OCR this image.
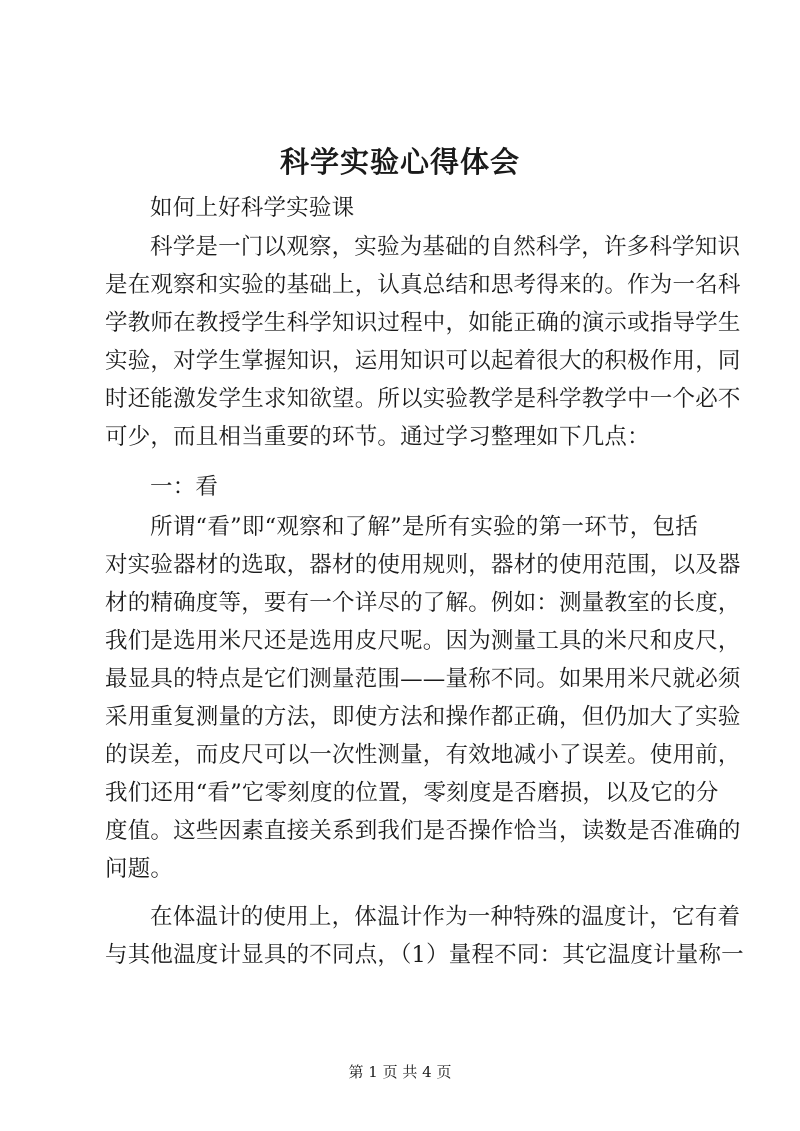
科学实验心得体会
如何上好科学实验课
科学是一门以观察，实验为基础的自然科学，许多科学知识
是在观察和实验的基础上，认真总结和思考得来的。作为一名科
学教师在教授学生科学知识过程中，如能正确的演示或指导学生
实验，对学生掌握知识，运用知识可以起着很大的积极作用，同
时还能激发学生求知欲望。所以实验教学是科学教学中一个必不
可少，而且相当重要的环节。通过学习整理如下几点：
一：看
所谓“看”即“观察和了解”是所有实验的第一环节，包括
对实验器材的选取，器材的使用规则，器材的使用范围，以及器
材的精确度等，要有一个详尽的了解。例如：测量教室的长度，
我们是选用米尺还是选用皮尺呢。因为测量工具的米尺和皮尺，
最显具的特点是它们测量范围——量称不同。如果用米尺就必须
采用重复测量的方法，即使方法和操作都正确，但仍加大了实验
的误差，而皮尺可以一次性测量，有效地减小了误差。使用前，
我们还用“看”它零刻度的位置，零刻度是否磨损，以及它的分
度值。这些因素直接关系到我们是否操作恰当，读数是否准确的
问题。
在体温计的使用上，体温计作为一种特殊的温度计，它有着
与其他温度计显具的不同点，（1）量程不同：其它温度计量称一
第 1 页 共 4 页
